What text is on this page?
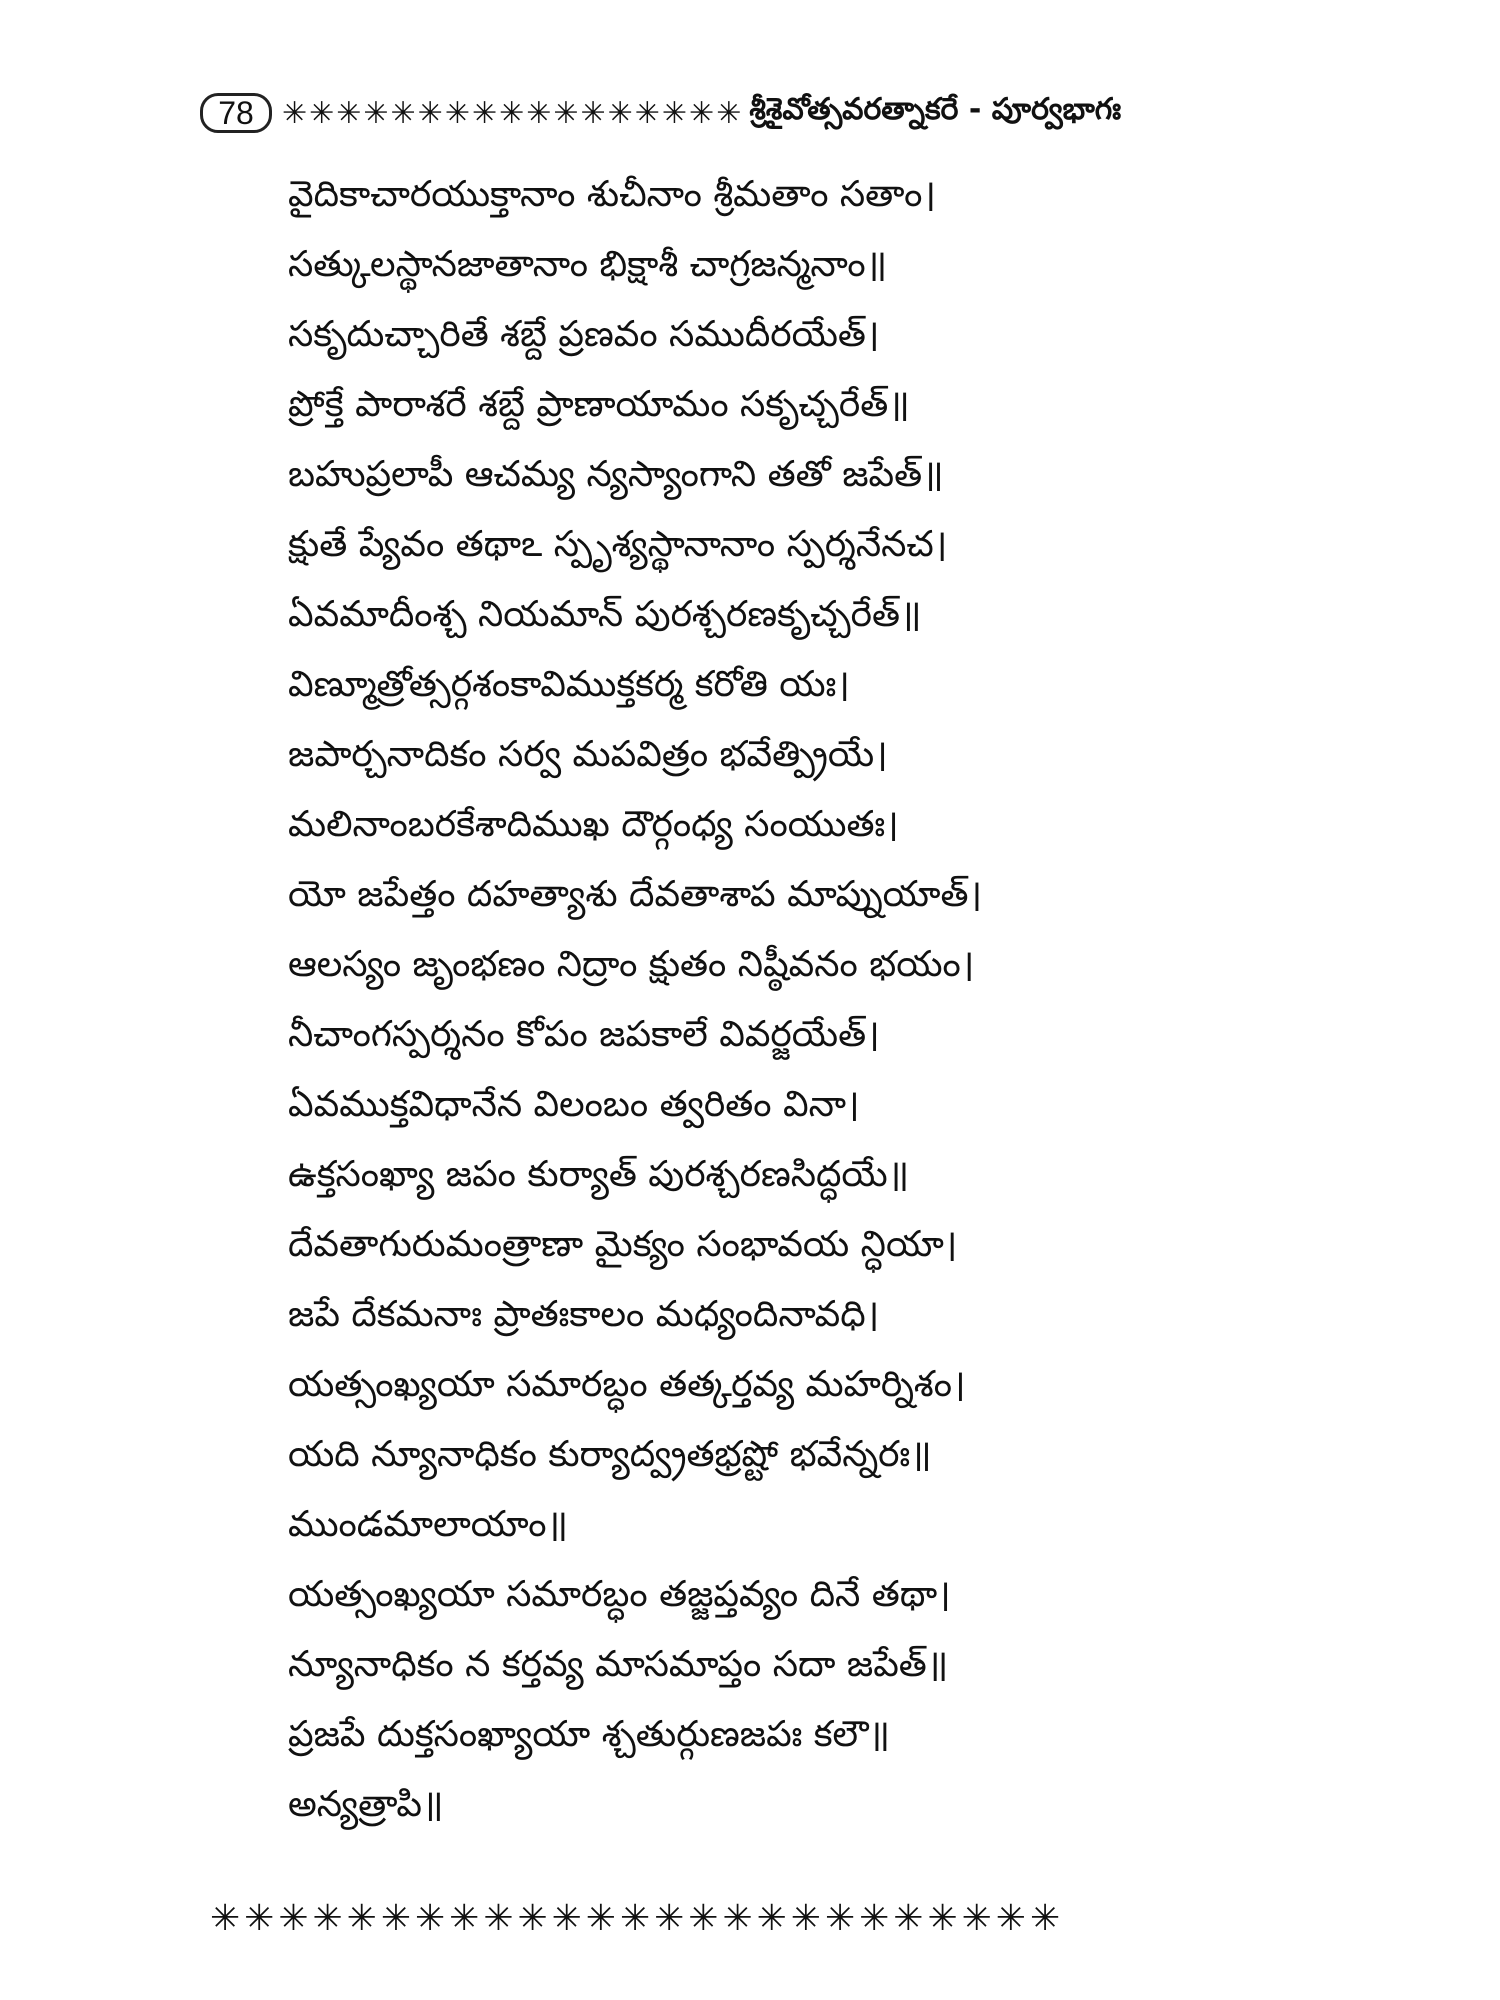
78 ✳✳✳✳✳✳✳✳✳✳✳✳✳✳✳✳✳ శ్రీశైవోత్సవరత్నాకరే - పూర్వభాగః
వైదికాచారయుక్తానాం శుచీనాం శ్రీమతాం సతాం।
సత్కులస్థానజాతానాం భిక్షాశీ చాగ్రజన్మనాం॥
సకృదుచ్చారితే శబ్దే ప్రణవం సముదీరయేత్।
ప్రోక్తే పారాశరే శబ్దే ప్రాణాయామం సకృచ్చరేత్॥
బహుప్రలాపీ ఆచమ్య న్యస్యాంగాని తతో జపేత్॥
క్షుతే ప్యేవం తథాఽ స్పృశ్యస్థానానాం స్పర్శనేనచ।
ఏవమాదీంశ్చ నియమాన్ పురశ్చరణకృచ్చరేత్॥
విణ్మూత్రోత్సర్గశంకావిముక్తకర్మ కరోతి యః।
జపార్చనాదికం సర్వ మపవిత్రం భవేత్ప్రియే।
మలినాంబరకేశాదిముఖ దౌర్గంధ్య సంయుతః।
యో జపేత్తం దహత్యాశు దేవతాశాప మాప్నుయాత్।
ఆలస్యం జృంభణం నిద్రాం క్షుతం నిష్ఠీవనం భయం।
నీచాంగస్పర్శనం కోపం జపకాలే వివర్జయేత్।
ఏవముక్తవిధానేన విలంబం త్వరితం వినా।
ఉక్తసంఖ్యా జపం కుర్యాత్ పురశ్చరణసిద్ధయే॥
దేవతాగురుమంత్రాణా మైక్యం సంభావయ న్ధియా।
జపే దేకమనాః ప్రాతఃకాలం మధ్యందినావధి।
యత్సంఖ్యయా సమారబ్ధం తత్కర్తవ్య మహర్నిశం।
యది న్యూనాధికం కుర్యాద్వ్రతభ్రష్టో భవేన్నరః॥
ముండమాలాయాం॥
యత్సంఖ్యయా సమారబ్ధం తజ్జప్తవ్యం దినే తథా।
న్యూనాధికం న కర్తవ్య మాసమాప్తం సదా జపేత్॥
ప్రజపే దుక్తసంఖ్యాయా శ్చతుర్గుణజపః కలౌ॥
అన్యత్రాపి॥
✳✳✳✳✳✳✳✳✳✳✳✳✳✳✳✳✳✳✳✳✳✳✳✳✳
